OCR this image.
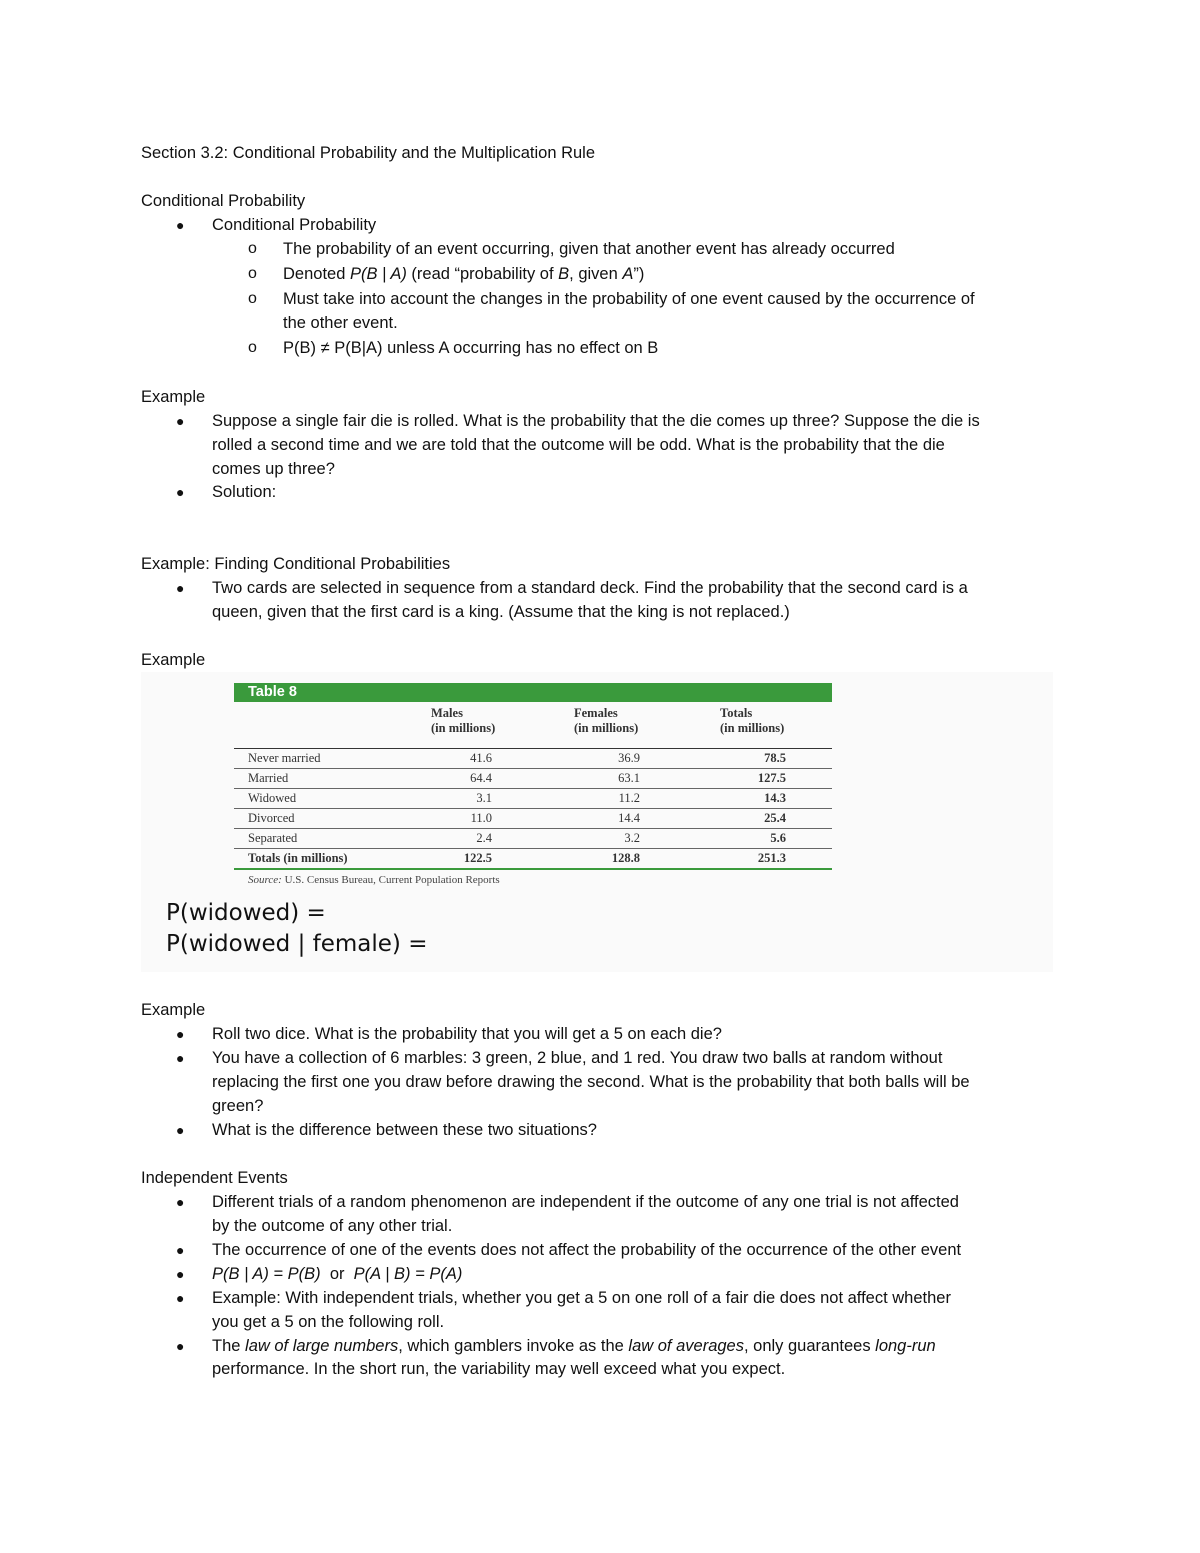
Section 3.2: Conditional Probability and the Multiplication Rule
Conditional Probability
● Conditional Probability
o The probability of an event occurring, given that another event has already occurred
o Denoted P(B | A) (read “probability of B, given A”)
o Must take into account the changes in the probability of one event caused by the occurrence of
the other event.
o P(B) ≠ P(B|A) unless A occurring has no effect on B
Example
● Suppose a single fair die is rolled. What is the probability that the die comes up three? Suppose the die is
rolled a second time and we are told that the outcome will be odd. What is the probability that the die
comes up three?
● Solution:
Example: Finding Conditional Probabilities
● Two cards are selected in sequence from a standard deck. Find the probability that the second card is a
queen, given that the first card is a king. (Assume that the king is not replaced.)
Example
Table 8
Males
(in millions)
Females
(in millions)
Totals
(in millions)
Never married	41.6	36.9	78.5
Married	64.4	63.1	127.5
Widowed	3.1	11.2	14.3
Divorced	11.0	14.4	25.4
Separated	2.4	3.2	5.6
Totals (in millions)	122.5	128.8	251.3
Source: U.S. Census Bureau, Current Population Reports
P(widowed) =
P(widowed | female) =
Example
● Roll two dice. What is the probability that you will get a 5 on each die?
● You have a collection of 6 marbles: 3 green, 2 blue, and 1 red. You draw two balls at random without
replacing the first one you draw before drawing the second. What is the probability that both balls will be
green?
● What is the difference between these two situations?
Independent Events
● Different trials of a random phenomenon are independent if the outcome of any one trial is not affected
by the outcome of any other trial.
● The occurrence of one of the events does not affect the probability of the occurrence of the other event
● P(B | A) = P(B)  or  P(A | B) = P(A)
● Example: With independent trials, whether you get a 5 on one roll of a fair die does not affect whether
you get a 5 on the following roll.
● The law of large numbers, which gamblers invoke as the law of averages, only guarantees long-run
performance. In the short run, the variability may well exceed what you expect.
